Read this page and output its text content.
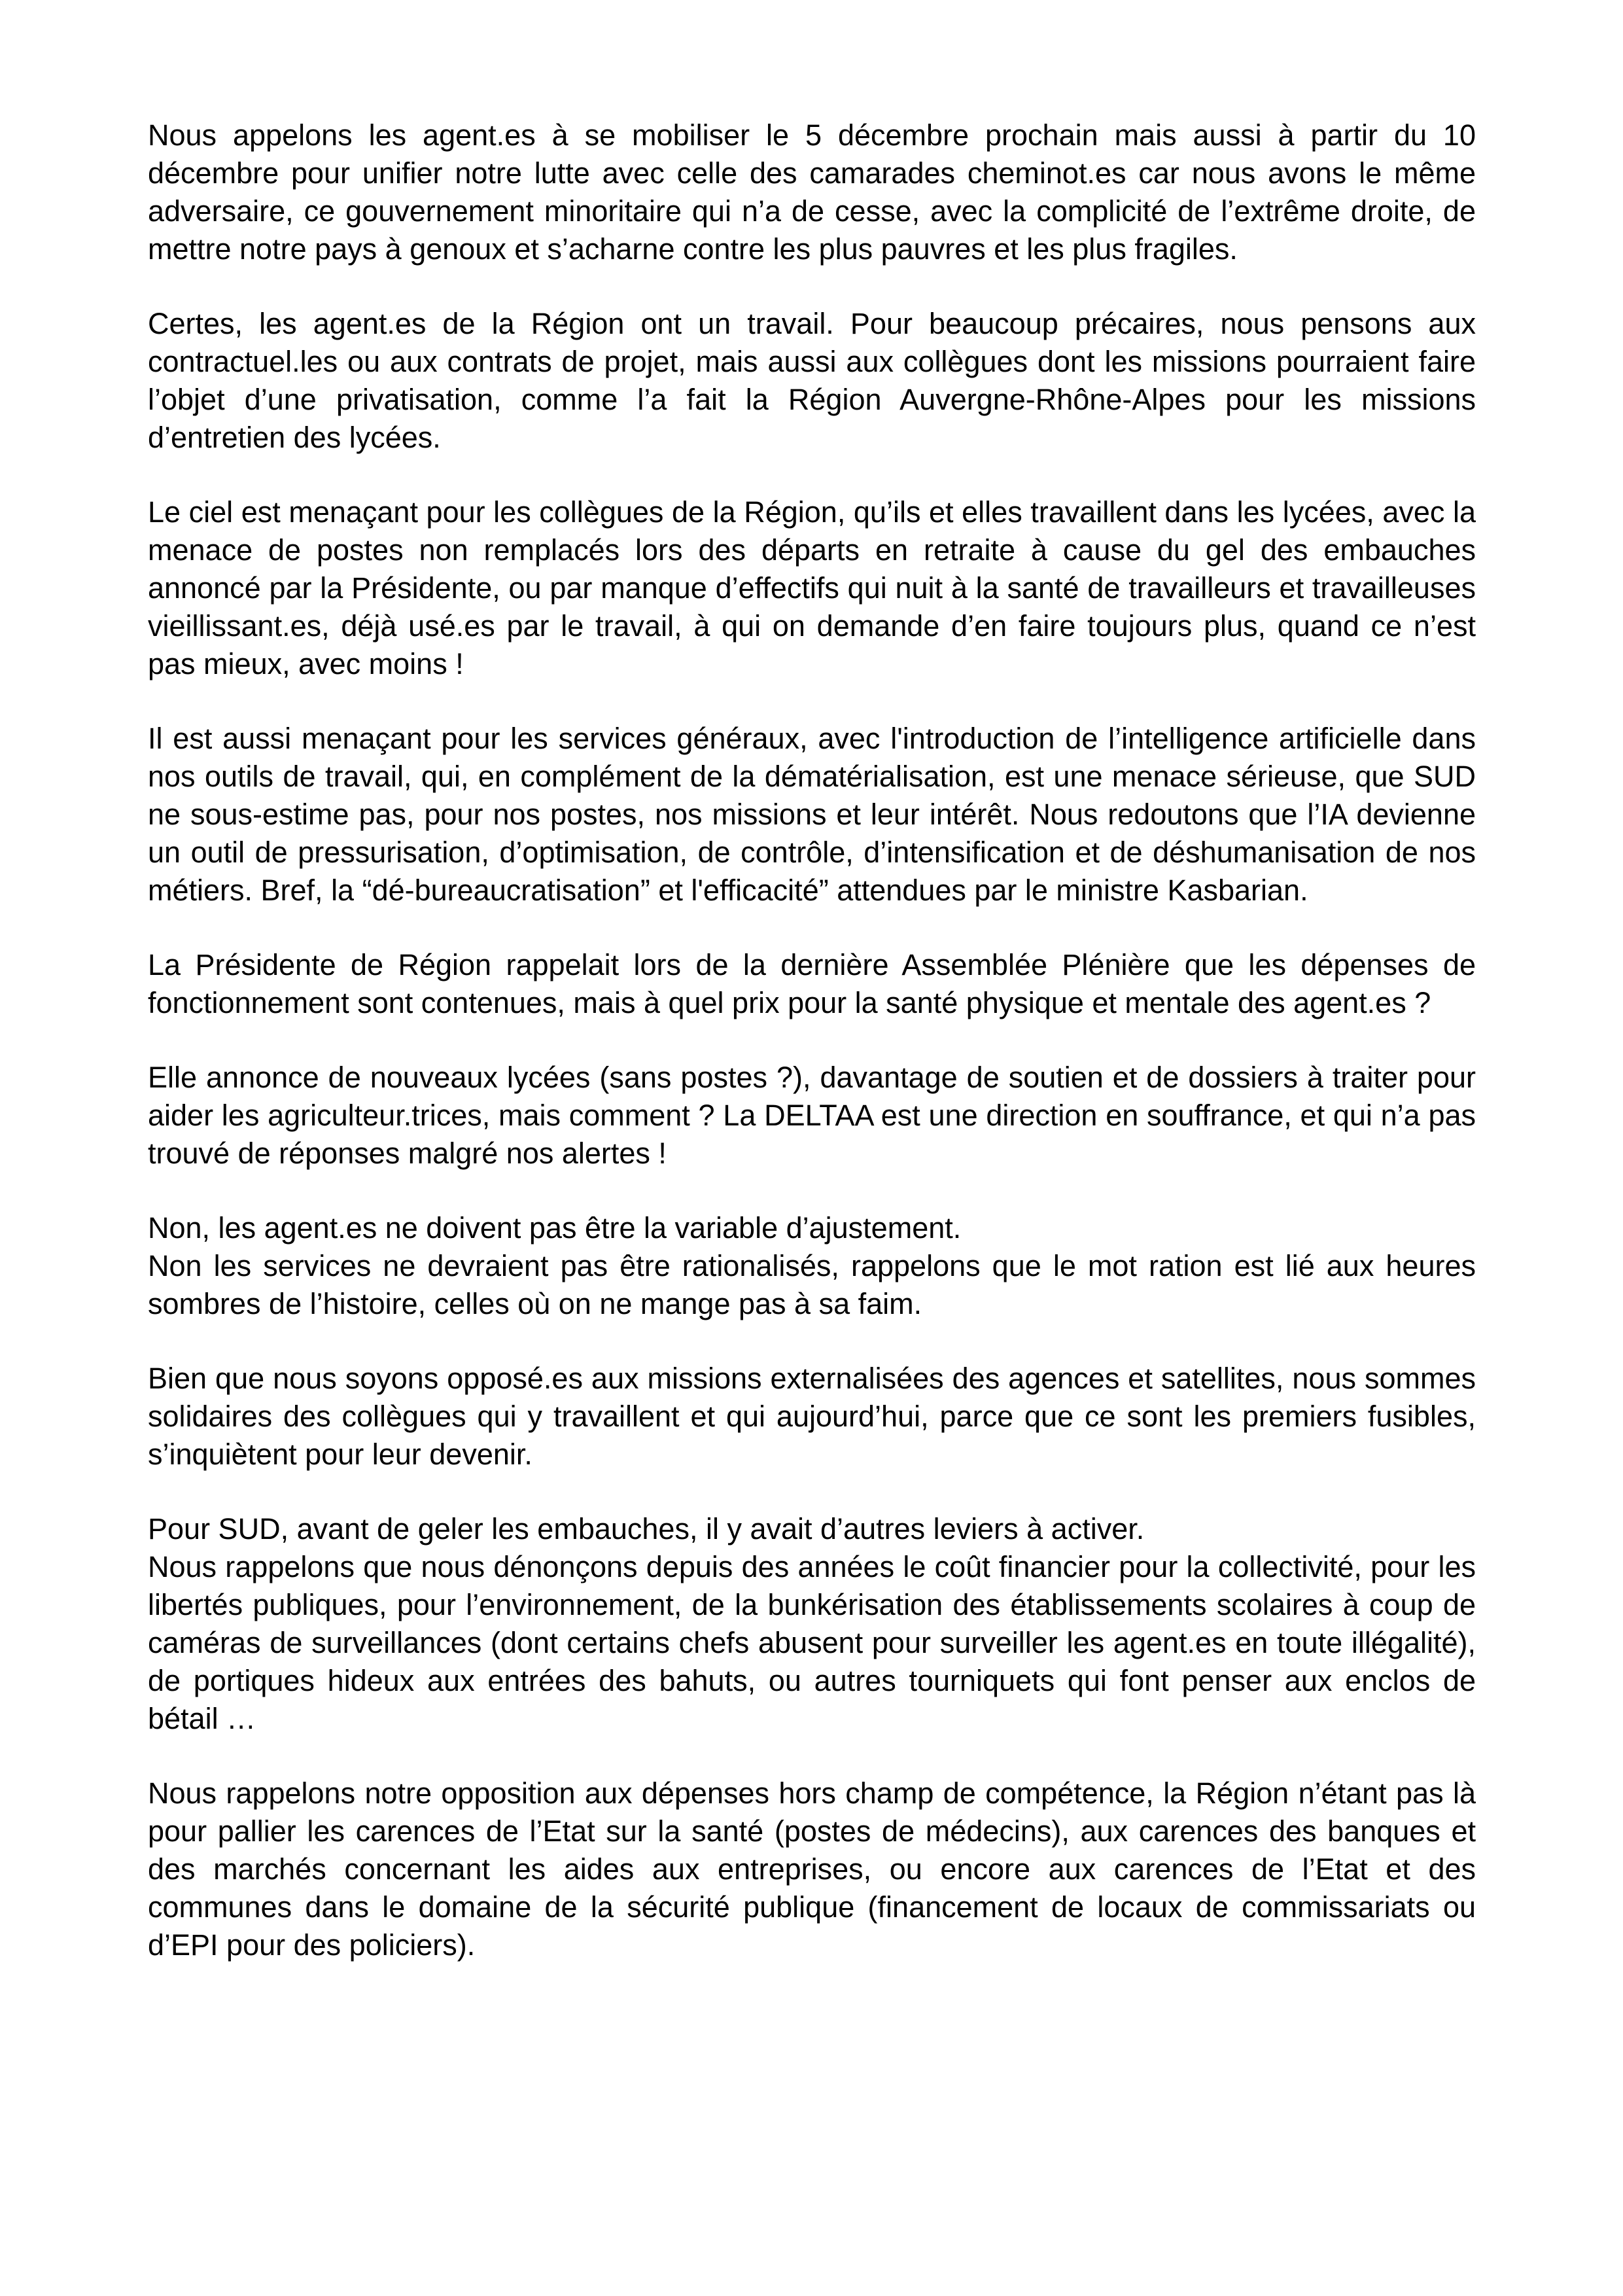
Nous appelons les agent.es à se mobiliser le 5 décembre prochain mais aussi à partir du 10 décembre pour unifier notre lutte avec celle des camarades cheminot.es car nous avons le même adversaire, ce gouvernement minoritaire qui n’a de cesse, avec la complicité de l’extrême droite, de mettre notre pays à genoux et s’acharne contre les plus pauvres et les plus fragiles.

Certes, les agent.es de la Région ont un travail. Pour beaucoup précaires, nous pensons aux contractuel.les ou aux contrats de projet, mais aussi aux collègues dont les missions pourraient faire l’objet d’une privatisation, comme l’a fait la Région Auvergne-Rhône-Alpes pour les missions d’entretien des lycées.

Le ciel est menaçant pour les collègues de la Région, qu’ils et elles travaillent dans les lycées, avec la menace de postes non remplacés lors des départs en retraite à cause du gel des embauches annoncé par la Présidente, ou par manque d’effectifs qui nuit à la santé de travailleurs et travailleuses vieillissant.es, déjà usé.es par le travail, à qui on demande d’en faire toujours plus, quand ce n’est pas mieux, avec moins !

Il est aussi menaçant pour les services généraux, avec l'introduction de l’intelligence artificielle dans nos outils de travail, qui, en complément de la dématérialisation, est une menace sérieuse, que SUD ne sous-estime pas, pour nos postes, nos missions et leur intérêt. Nous redoutons que l’IA devienne un outil de pressurisation, d’optimisation, de contrôle, d’intensification et de déshumanisation de nos métiers. Bref, la “dé-bureaucratisation” et l'efficacité” attendues par le ministre Kasbarian.

La Présidente de Région rappelait lors de la dernière Assemblée Plénière que les dépenses de fonctionnement sont contenues, mais à quel prix pour la santé physique et mentale des agent.es ?

Elle annonce de nouveaux lycées (sans postes ?), davantage de soutien et de dossiers à traiter pour aider les agriculteur.trices, mais comment ? La DELTAA est une direction en souffrance, et qui n’a pas trouvé de réponses malgré nos alertes !

Non, les agent.es ne doivent pas être la variable d’ajustement.

Non les services ne devraient pas être rationalisés, rappelons que le mot ration est lié aux heures sombres de l’histoire, celles où on ne mange pas à sa faim.

Bien que nous soyons opposé.es aux missions externalisées des agences et satellites, nous sommes solidaires des collègues qui y travaillent et qui aujourd’hui, parce que ce sont les premiers fusibles, s’inquiètent pour leur devenir.

Pour SUD, avant de geler les embauches, il y avait d’autres leviers à activer.

Nous rappelons que nous dénonçons depuis des années le coût financier pour la collectivité, pour les libertés publiques, pour l’environnement, de la bunkérisation des établissements scolaires à coup de caméras de surveillances (dont certains chefs abusent pour surveiller les agent.es en toute illégalité), de portiques hideux aux entrées des bahuts, ou autres tourniquets qui font penser aux enclos de bétail …

Nous rappelons notre opposition aux dépenses hors champ de compétence, la Région n’étant pas là pour pallier les carences de l’Etat sur la santé (postes de médecins), aux carences des banques et des marchés concernant les aides aux entreprises, ou encore aux carences de l’Etat et des communes dans le domaine de la sécurité publique (financement de locaux de commissariats ou d’EPI pour des policiers).
